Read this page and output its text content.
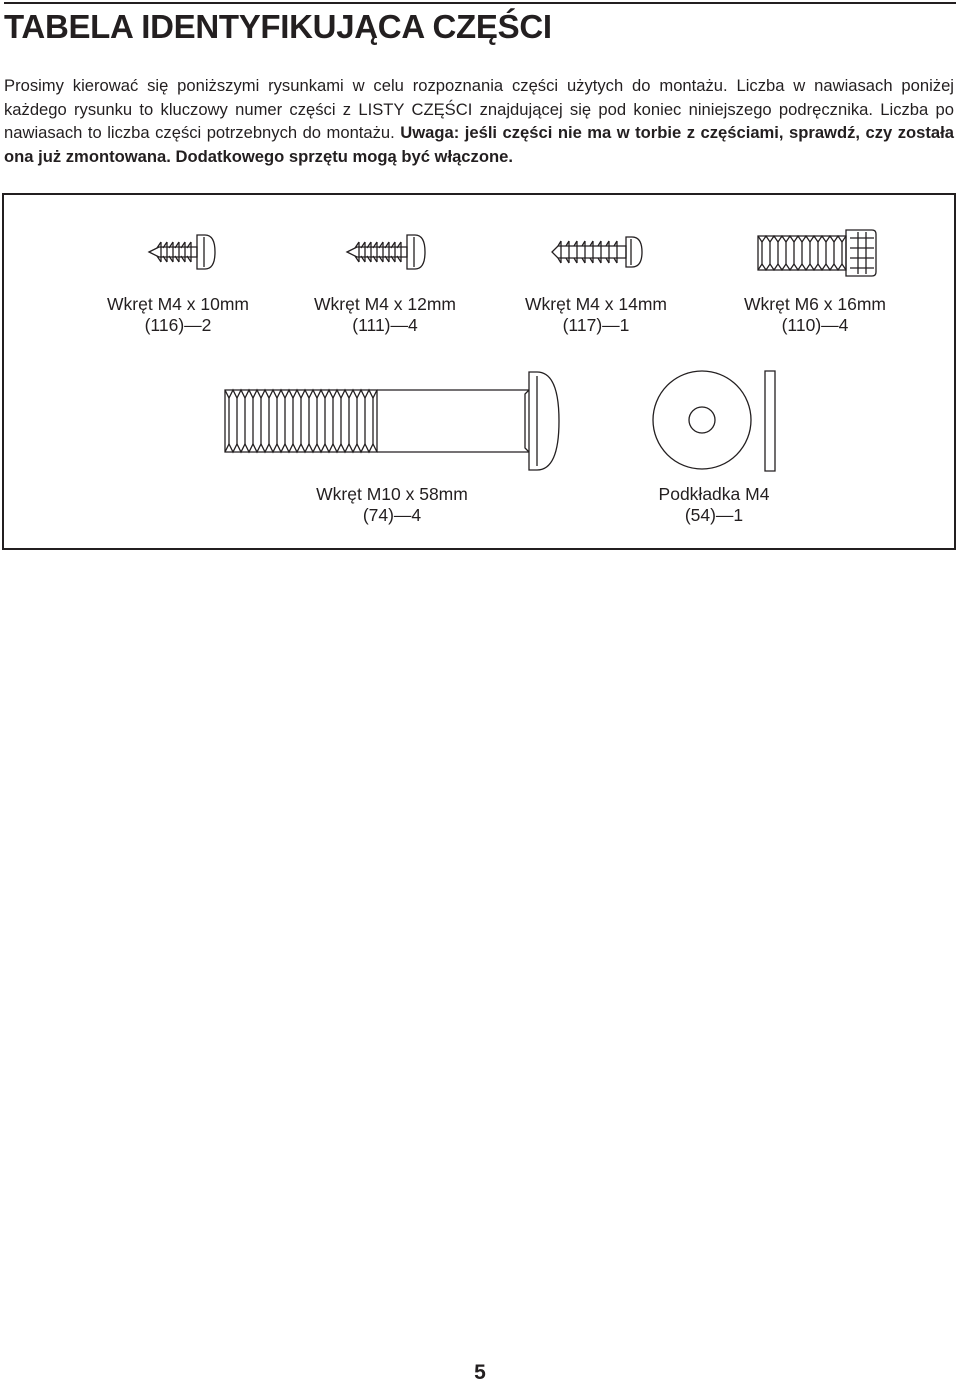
TABELA IDENTYFIKUJĄCA CZĘŚCI

Prosimy kierować się poniższymi rysunkami w celu rozpoznania części użytych do montażu. Liczba w nawiasach poniżej każdego rysunku to kluczowy numer części z LISTY CZĘŚCI znajdującej się pod koniec niniejszego podręcznika. Liczba po nawiasach to liczba części potrzebnych do montażu. Uwaga: jeśli części nie ma w torbie z częściami, sprawdź, czy została ona już zmontowana. Dodatkowego sprzętu mogą być włączone.

Wkręt M4 x 10mm
(116)—2
Wkręt M4 x 12mm
(111)—4
Wkręt M4 x 14mm
(117)—1
Wkręt M6 x 16mm
(110)—4
Wkręt M10 x 58mm
(74)—4
Podkładka M4
(54)—1
5
